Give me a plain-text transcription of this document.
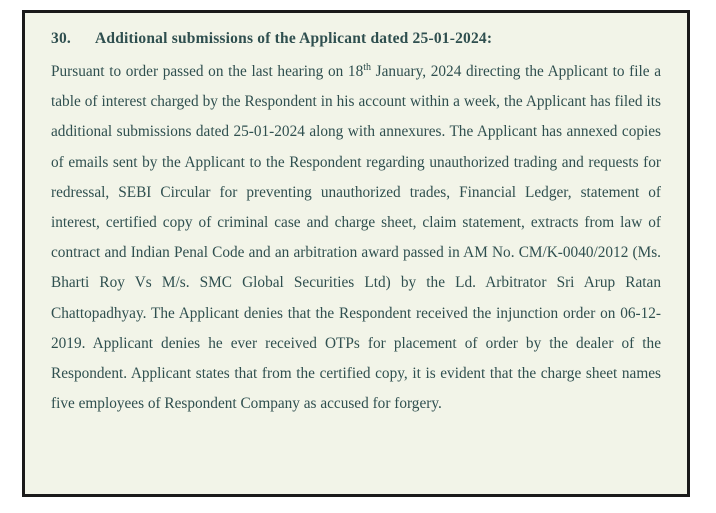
30. Additional submissions of the Applicant dated 25-01-2024:

Pursuant to order passed on the last hearing on 18th January, 2024 directing the Applicant to file a table of interest charged by the Respondent in his account within a week, the Applicant has filed its additional submissions dated 25-01-2024 along with annexures. The Applicant has annexed copies of emails sent by the Applicant to the Respondent regarding unauthorized trading and requests for redressal, SEBI Circular for preventing unauthorized trades, Financial Ledger, statement of interest, certified copy of criminal case and charge sheet, claim statement, extracts from law of contract and Indian Penal Code and an arbitration award passed in AM No. CM/K-0040/2012 (Ms. Bharti Roy Vs M/s. SMC Global Securities Ltd) by the Ld. Arbitrator Sri Arup Ratan Chattopadhyay. The Applicant denies that the Respondent received the injunction order on 06-12-2019. Applicant denies he ever received OTPs for placement of order by the dealer of the Respondent. Applicant states that from the certified copy, it is evident that the charge sheet names five employees of Respondent Company as accused for forgery.
